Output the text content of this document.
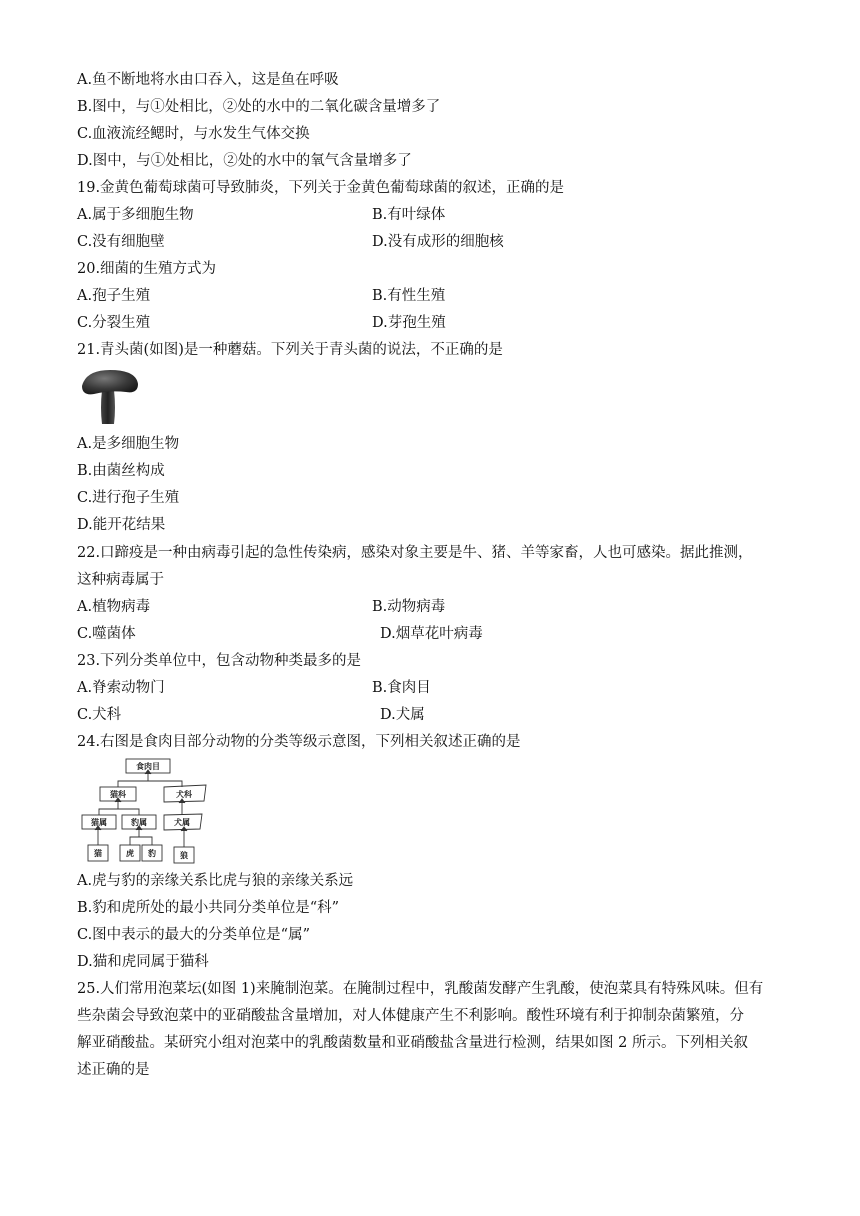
A.鱼不断地将水由口吞入，这是鱼在呼吸
B.图中，与①处相比，②处的水中的二氧化碳含量增多了
C.血液流经鳃时，与水发生气体交换
D.图中，与①处相比，②处的水中的氧气含量增多了
19.金黄色葡萄球菌可导致肺炎，下列关于金黄色葡萄球菌的叙述，正确的是
A.属于多细胞生物	B.有叶绿体
C.没有细胞壁	D.没有成形的细胞核
20.细菌的生殖方式为
A.孢子生殖	B.有性生殖
C.分裂生殖	D.芽孢生殖
21.青头菌(如图)是一种蘑菇。下列关于青头菌的说法，不正确的是
A.是多细胞生物
B.由菌丝构成
C.进行孢子生殖
D.能开花结果
22.口蹄疫是一种由病毒引起的急性传染病，感染对象主要是牛、猪、羊等家畜，人也可感染。据此推测，
这种病毒属于
A.植物病毒	B.动物病毒
C.噬菌体	D.烟草花叶病毒
23.下列分类单位中，包含动物种类最多的是
A.脊索动物门	B.食肉目
C.犬科	D.犬属
24.右图是食肉目部分动物的分类等级示意图，下列相关叙述正确的是
食肉目
猫科	犬科
猫属	豹属	犬属
猫	虎 豹	狼
A.虎与豹的亲缘关系比虎与狼的亲缘关系远
B.豹和虎所处的最小共同分类单位是“科”
C.图中表示的最大的分类单位是“属”
D.猫和虎同属于猫科
25.人们常用泡菜坛(如图 1)来腌制泡菜。在腌制过程中，乳酸菌发酵产生乳酸，使泡菜具有特殊风味。但有
些杂菌会导致泡菜中的亚硝酸盐含量增加，对人体健康产生不利影响。酸性环境有利于抑制杂菌繁殖，分
解亚硝酸盐。某研究小组对泡菜中的乳酸菌数量和亚硝酸盐含量进行检测，结果如图 2 所示。下列相关叙
述正确的是
